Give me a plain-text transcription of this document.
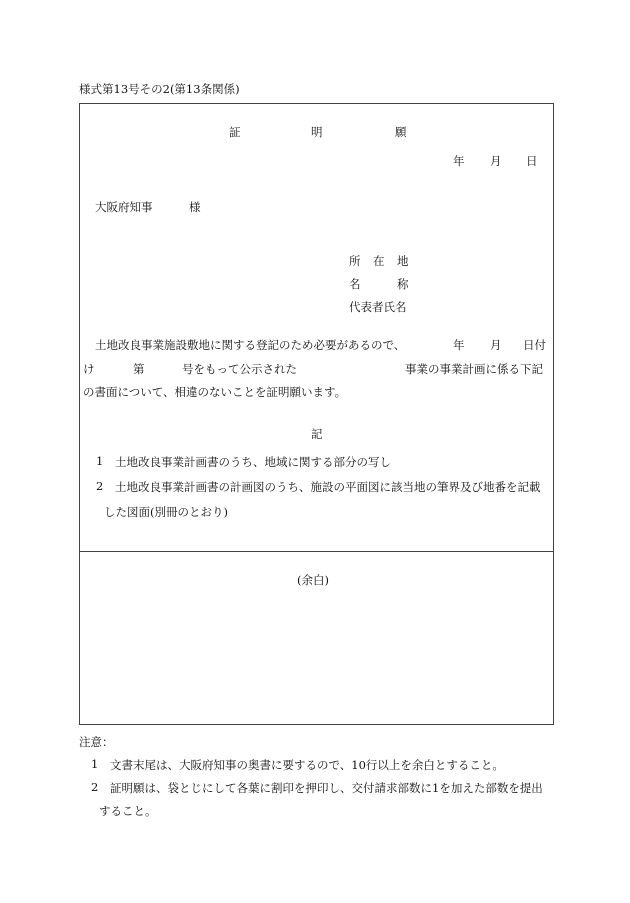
様式第13号その2(第13条関係)
証	明	願
年 月 日
大阪府知事	様
所 在 地
名	称
代表者氏名
土地改良事業施設敷地に関する登記のため必要があるので、	年 月 日付
け	第	号をもって公示された	事業の事業計画に係る下記
の書面について、相違のないことを証明願います。
記
1 土地改良事業計画書のうち、地域に関する部分の写し
2 土地改良事業計画書の計画図のうち、施設の平面図に該当地の筆界及び地番を記載
した図面(別冊のとおり)
(余白)
注意：
1 文書末尾は、大阪府知事の奥書に要するので、10行以上を余白とすること。
2 証明願は、袋とじにして各葉に割印を押印し、交付請求部数に1を加えた部数を提出
すること。
